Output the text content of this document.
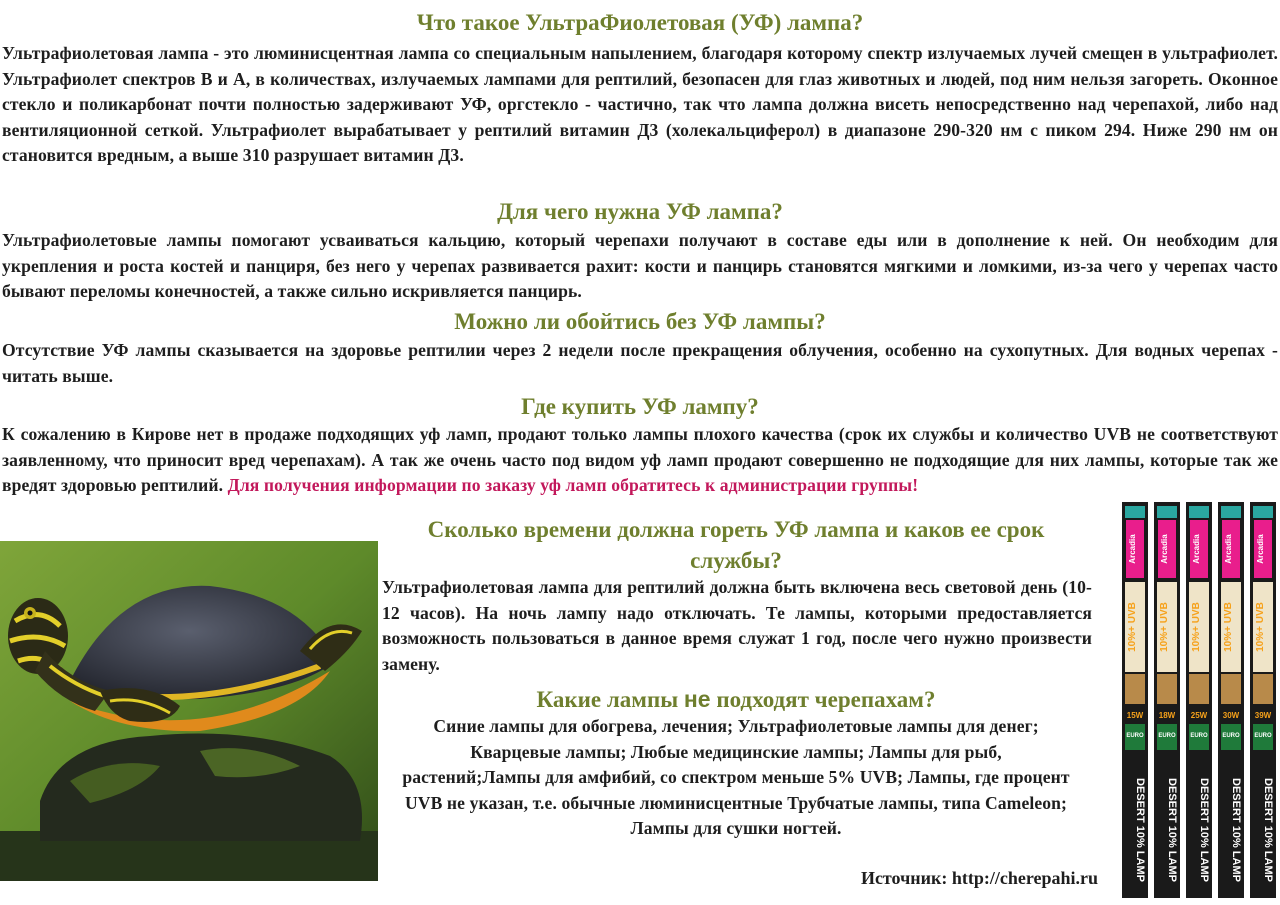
Что такое УльтраФиолетовая (УФ) лампа?

Ультрафиолетовая лампа - это люминисцентная лампа со специальным напылением, благодаря которому спектр излучаемых лучей смещен в ультрафиолет. Ультрафиолет спектров В и А, в количествах, излучаемых лампами для рептилий, безопасен для глаз животных и людей, под ним нельзя загореть. Оконное стекло и поликарбонат почти полностью задерживают УФ, оргстекло - частично, так что лампа должна висеть непосредственно над черепахой, либо над вентиляционной сеткой. Ультрафиолет вырабатывает у рептилий витамин Д3 (холекальциферол) в диапазоне 290-320 нм с пиком 294. Ниже 290 нм он становится вредным, а выше 310 разрушает витамин Д3.

Для чего нужна УФ лампа?

Ультрафиолетовые лампы помогают усваиваться кальцию, который черепахи получают в составе еды или в дополнение к ней. Он необходим для укрепления и роста костей и панциря, без него у черепах развивается рахит: кости и панцирь становятся мягкими и ломкими, из-за чего у черепах часто бывают переломы конечностей, а также сильно искривляется панцирь.

Можно ли обойтись без УФ лампы?

Отсутствие УФ лампы сказывается на здоровье рептилии через 2 недели после прекращения облучения, особенно на сухопутных. Для водных черепах - читать выше.

Где купить УФ лампу?

К сожалению в Кирове нет в продаже подходящих уф ламп, продают только лампы плохого качества (срок их службы и количество UVB не соответствуют заявленному, что приносит вред черепахам). А так же очень часто под видом уф ламп продают совершенно не подходящие для них лампы, которые так же вредят здоровью рептилий. Для получения информации по заказу уф ламп обратитесь к администрации группы!

Сколько времени должна гореть УФ лампа и каков ее срок службы?

Ультрафиолетовая лампа для рептилий должна быть включена весь световой день (10-12 часов). На ночь лампу надо отключать. Те лампы, которыми предоставляется возможность пользоваться в данное время служат 1 год, после чего нужно произвести замену.

Какие лампы не подходят черепахам?

Синие лампы для обогрева, лечения; Ультрафиолетовые лампы для денег; Кварцевые лампы; Любые медицинские лампы; Лампы для рыб, растений;Лампы для амфибий, со спектром меньше 5% UVB; Лампы, где процент UVB не указан, т.е. обычные люминисцентные Трубчатые лампы, типа Cameleon; Лампы для сушки ногтей.

Источник: http://cherepahi.ru
Arcadia
10%+ UVB
15W
EURO
DESERT 10% LAMP
Arcadia
10%+ UVB
18W
EURO
DESERT 10% LAMP
Arcadia
10%+ UVB
25W
EURO
DESERT 10% LAMP
Arcadia
10%+ UVB
30W
EURO
DESERT 10% LAMP
Arcadia
10%+ UVB
39W
EURO
DESERT 10% LAMP
